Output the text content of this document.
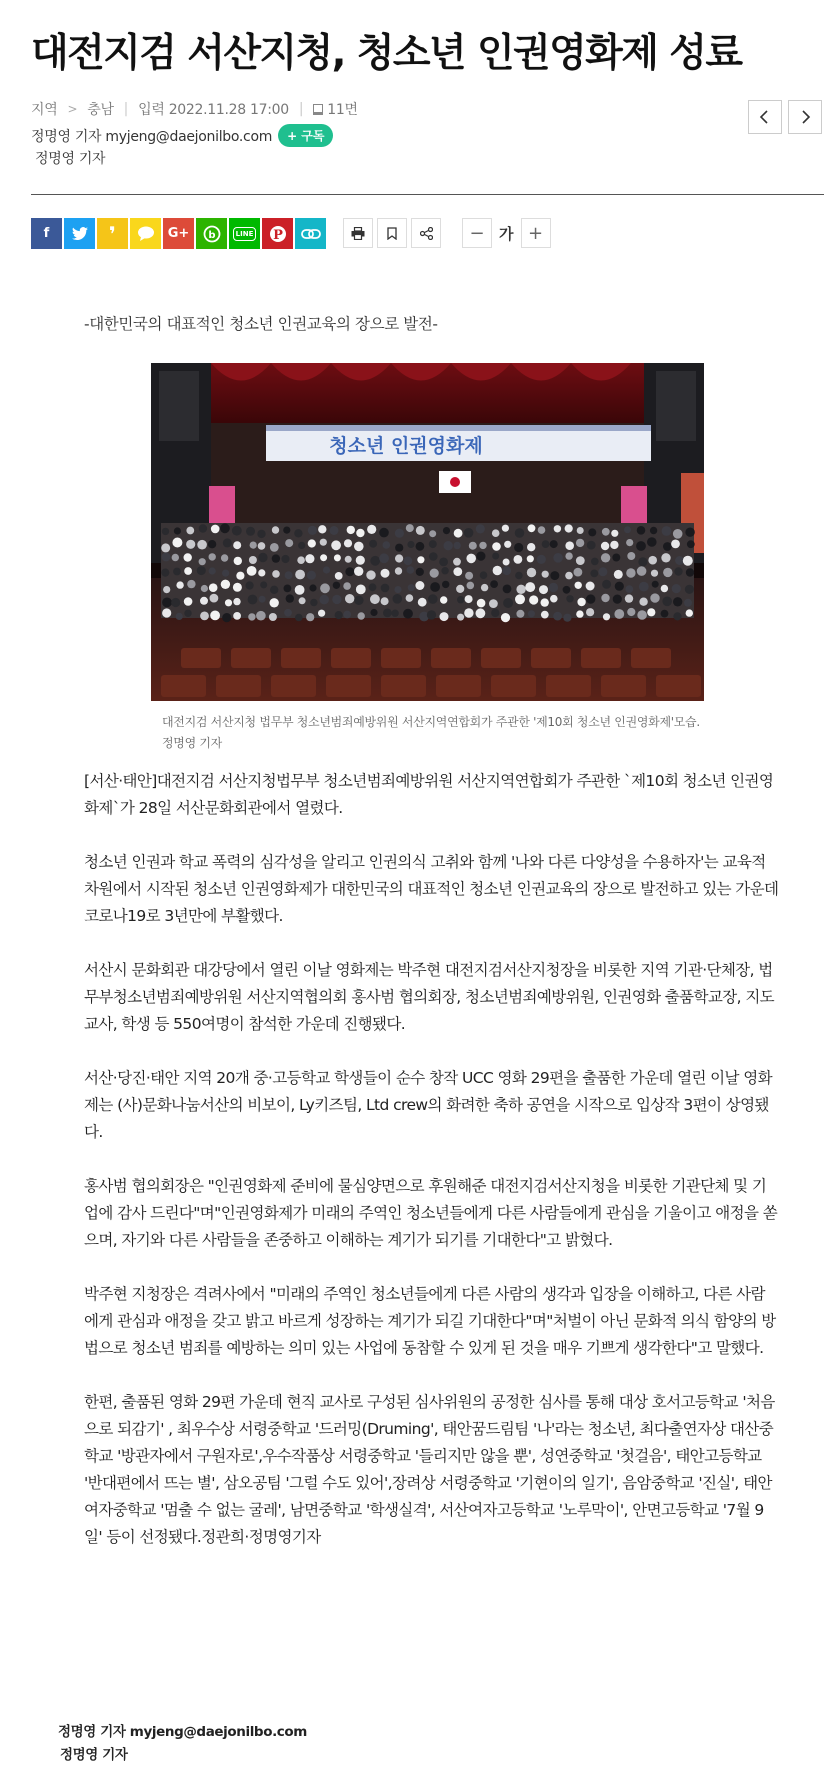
대전지검 서산지청, 청소년 인권영화제 성료
지역 > 충남 | 입력 2022.11.28 17:00 | 11면
정명영 기자 myjeng@daejonilbo.com	+ 구독
정명영 기자
f	❜	G+ b	LINE P	− 가 +
-대한민국의 대표적인 청소년 인권교육의 장으로 발전-
청소년 인권영화제
대전지검 서산지청 법무부 청소년범죄예방위원 서산지역연합회가 주관한 '제10회 청소년 인권영화제'모습.정명영 기자

[서산·태안]대전지검 서산지청법무부 청소년범죄예방위원 서산지역연합회가 주관한 `제10회 청소년 인권영화제`가 28일 서산문화회관에서 열렸다.

청소년 인권과 학교 폭력의 심각성을 알리고 인권의식 고취와 함께 '나와 다른 다양성을 수용하자'는 교육적 차원에서 시작된 청소년 인권영화제가 대한민국의 대표적인 청소년 인권교육의 장으로 발전하고 있는 가운데 코로나19로 3년만에 부활했다.

서산시 문화회관 대강당에서 열린 이날 영화제는 박주현 대전지검서산지청장을 비롯한 지역 기관·단체장, 법무부청소년범죄예방위원 서산지역협의회 홍사범 협의회장, 청소년범죄예방위원, 인권영화 출품학교장, 지도교사, 학생 등 550여명이 참석한 가운데 진행됐다.

서산·당진·태안 지역 20개 중·고등학교 학생들이 순수 창작 UCC 영화 29편을 출품한 가운데 열린 이날 영화제는 (사)문화나눔서산의 비보이, Ly키즈팀, Ltd crew의 화려한 축하 공연을 시작으로 입상작 3편이 상영됐다.

홍사범 협의회장은 "인권영화제 준비에 물심양면으로 후원해준 대전지검서산지청을 비롯한 기관단체 및 기업에 감사 드린다"며"인권영화제가 미래의 주역인 청소년들에게 다른 사람들에게 관심을 기울이고 애정을 쏟으며, 자기와 다른 사람들을 존중하고 이해하는 계기가 되기를 기대한다"고 밝혔다.

박주현 지청장은 격려사에서 "미래의 주역인 청소년들에게 다른 사람의 생각과 입장을 이해하고, 다른 사람에게 관심과 애정을 갖고 밝고 바르게 성장하는 계기가 되길 기대한다"며"처벌이 아닌 문화적 의식 함양의 방법으로 청소년 범죄를 예방하는 의미 있는 사업에 동참할 수 있게 된 것을 매우 기쁘게 생각한다"고 말했다.

한편, 출품된 영화 29편 가운데 현직 교사로 구성된 심사위원의 공정한 심사를 통해 대상 호서고등학교 '처음으로 되감기' , 최우수상 서령중학교 '드러밍(Druming', 태안꿈드림팀 '나'라는 청소년, 최다출연자상 대산중학교 '방관자에서 구원자로',우수작품상 서령중학교 '들리지만 않을 뿐', 성연중학교 '첫걸음', 태안고등학교 '반대편에서 뜨는 별', 삼오공팀 '그럴 수도 있어',장려상 서령중학교 '기현이의 일기', 음암중학교 '진실', 태안여자중학교 '멈출 수 없는 굴레', 남면중학교 '학생실격', 서산여자고등학교 '노루막이', 안면고등학교 '7월 9일' 등이 선정됐다.정관희·정명영기자

정명영 기자 myjeng@daejonilbo.com
정명영 기자
